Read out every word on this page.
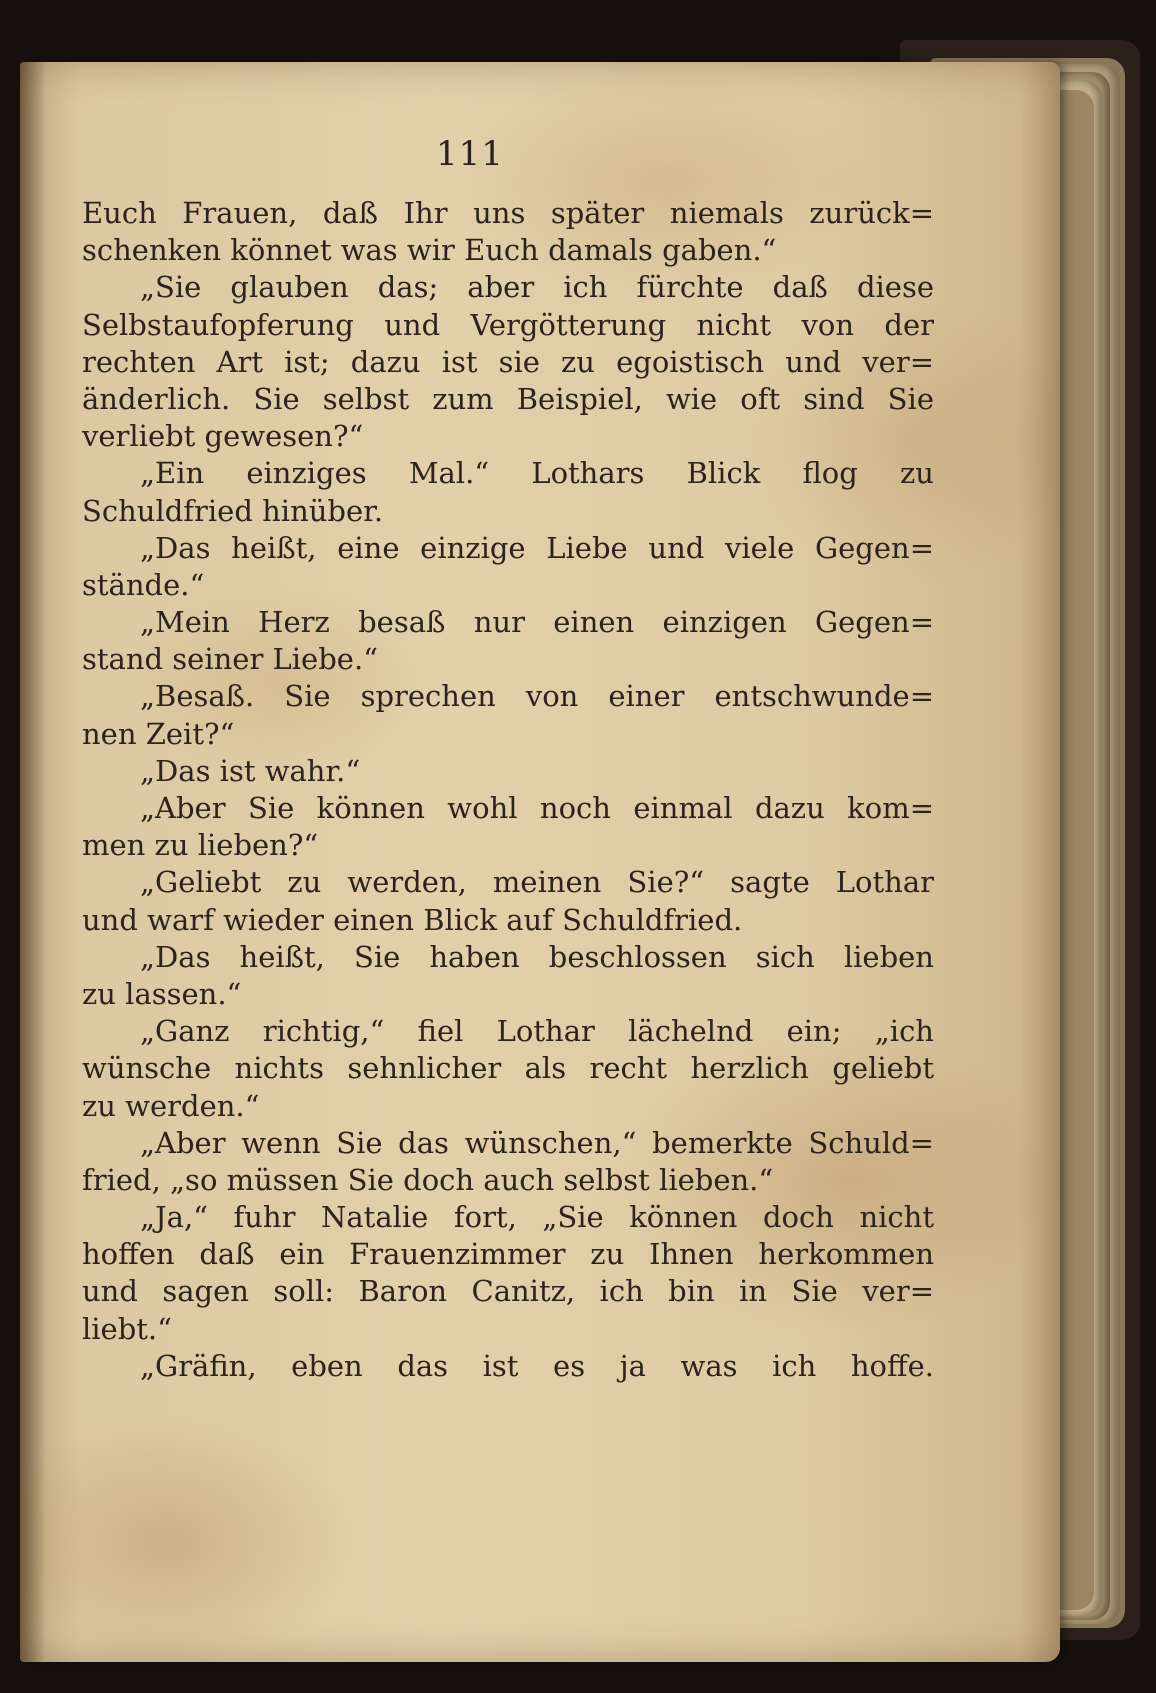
111
Euch Frauen, daß Ihr uns später niemals zurück=
schenken könnet was wir Euch damals gaben.“
„Sie glauben das; aber ich fürchte daß diese
Selbstaufopferung und Vergötterung nicht von der
rechten Art ist; dazu ist sie zu egoistisch und ver=
änderlich. Sie selbst zum Beispiel, wie oft sind Sie
verliebt gewesen?“
„Ein einziges Mal.“ Lothars Blick flog zu
Schuldfried hinüber.
„Das heißt, eine einzige Liebe und viele Gegen=
stände.“
„Mein Herz besaß nur einen einzigen Gegen=
stand seiner Liebe.“
„Besaß. Sie sprechen von einer entschwunde=
nen Zeit?“
„Das ist wahr.“
„Aber Sie können wohl noch einmal dazu kom=
men zu lieben?“
„Geliebt zu werden, meinen Sie?“ sagte Lothar
und warf wieder einen Blick auf Schuldfried.
„Das heißt, Sie haben beschlossen sich lieben
zu lassen.“
„Ganz richtig,“ fiel Lothar lächelnd ein; „ich
wünsche nichts sehnlicher als recht herzlich geliebt
zu werden.“
„Aber wenn Sie das wünschen,“ bemerkte Schuld=
fried, „so müssen Sie doch auch selbst lieben.“
„Ja,“ fuhr Natalie fort, „Sie können doch nicht
hoffen daß ein Frauenzimmer zu Ihnen herkommen
und sagen soll: Baron Canitz, ich bin in Sie ver=
liebt.“
„Gräfin, eben das ist es ja was ich hoffe.
